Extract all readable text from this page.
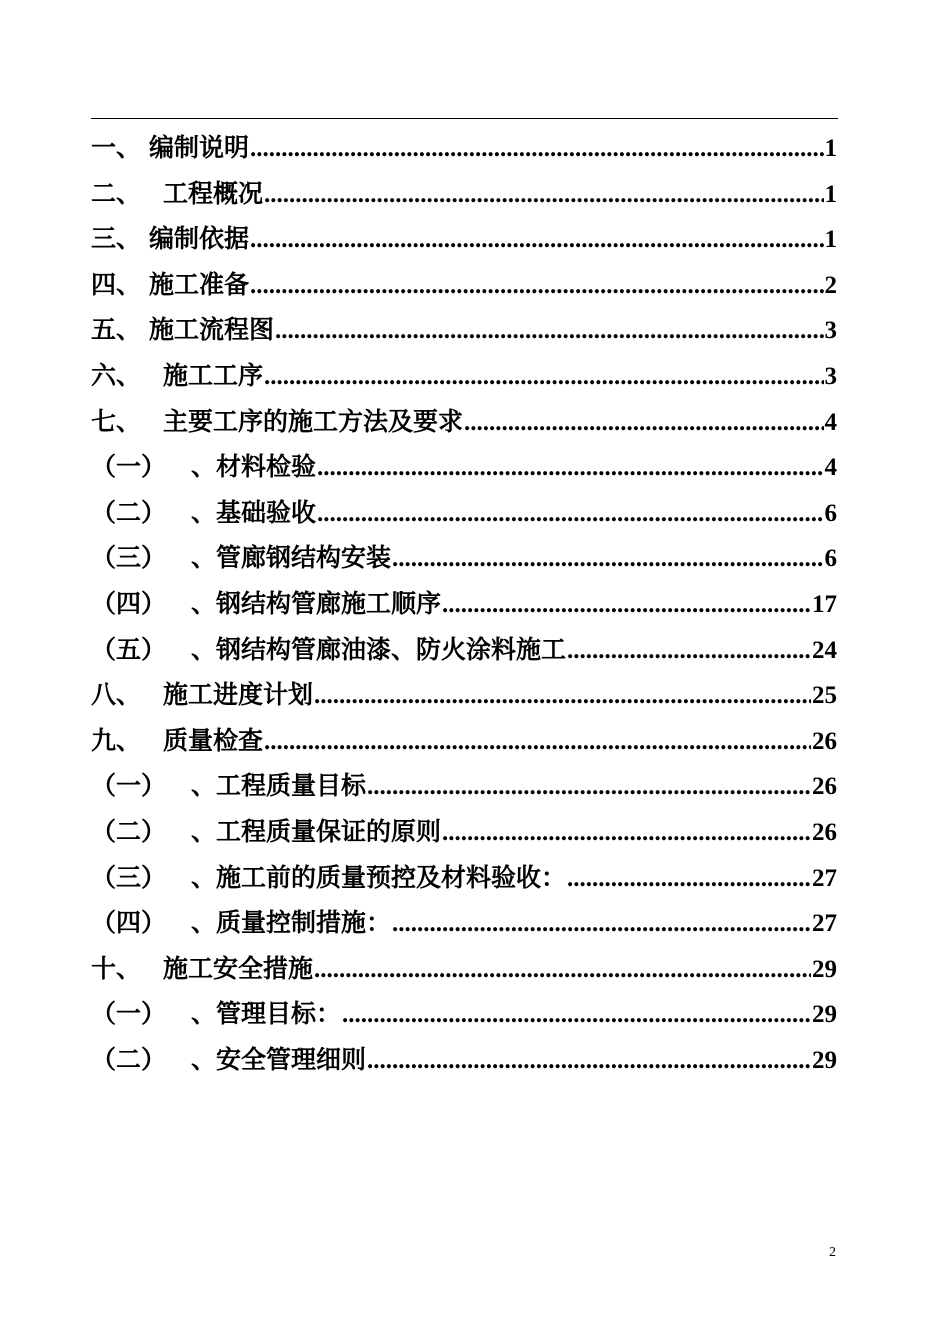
一、 编制说明 .....	1
二、 工程概况 .....	1
三、 编制依据 .....	1
四、 施工准备 .....	2
五、 施工流程图 .....	3
六、 施工工序 .....	3
七、 主要工序的施工方法及要求 .....	4
（一） 、材料检验 .....	4
（二） 、基础验收 .....	6
（三） 、管廊钢结构安装 .....	6
（四） 、钢结构管廊施工顺序 .....	17
（五） 、钢结构管廊油漆、防火涂料施工 .....	24
八、 施工进度计划 .....	25
九、 质量检查 .....	26
（一） 、工程质量目标 .....	26
（二） 、工程质量保证的原则 .....	26
（三） 、施工前的质量预控及材料验收： .....	27
（四） 、质量控制措施： .....	27
十、 施工安全措施 .....	29
（一） 、管理目标： .....	29
（二） 、安全管理细则 .....	29
2
